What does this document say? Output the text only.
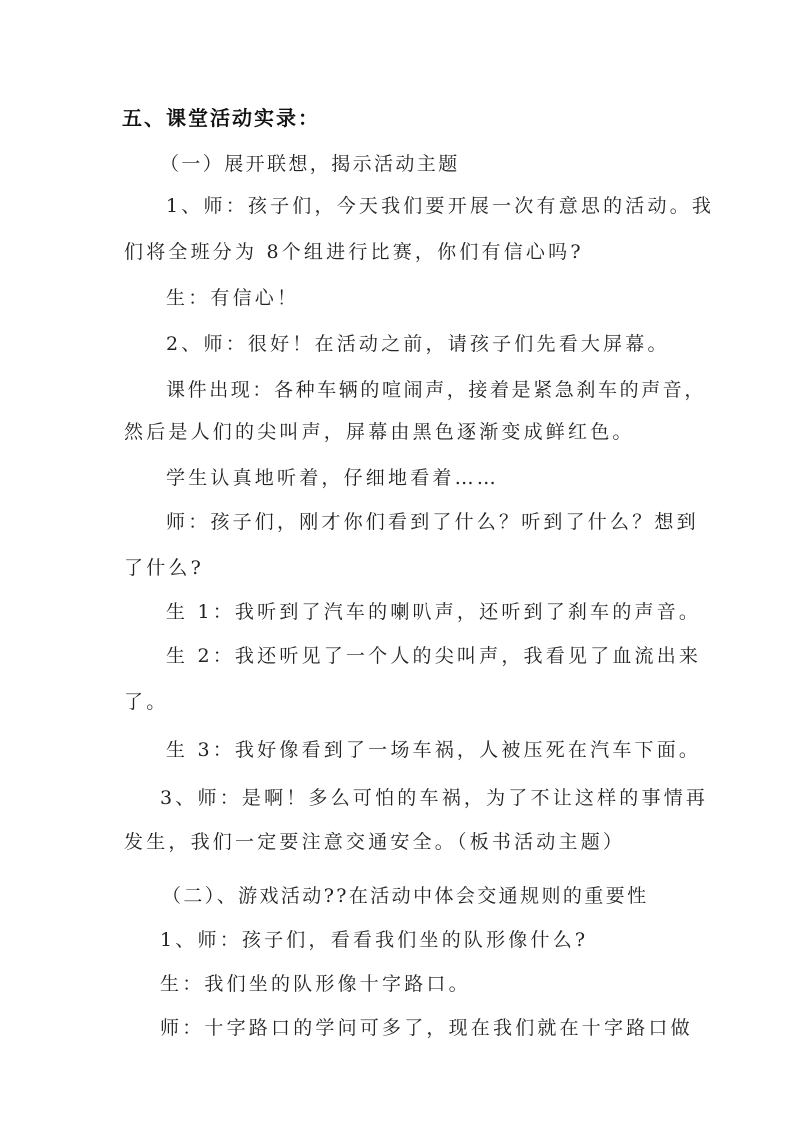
五、课堂活动实录：
（一）展开联想，揭示活动主题
1、师：孩子们，今天我们要开展一次有意思的活动。我
们将全班分为 8个组进行比赛，你们有信心吗?
生：有信心！
2、师：很好！在活动之前，请孩子们先看大屏幕。
课件出现：各种车辆的喧闹声，接着是紧急刹车的声音，
然后是人们的尖叫声，屏幕由黑色逐渐变成鲜红色。
学生认真地听着，仔细地看着……
师：孩子们，刚才你们看到了什么？听到了什么？想到
了什么?
生 1：我听到了汽车的喇叭声，还听到了刹车的声音。
生 2：我还听见了一个人的尖叫声，我看见了血流出来
了。
生 3：我好像看到了一场车祸，人被压死在汽车下面。
3、师：是啊！多么可怕的车祸，为了不让这样的事情再
发生，我们一定要注意交通安全。（板书活动主题）
（二）、游戏活动??在活动中体会交通规则的重要性
1、师：孩子们，看看我们坐的队形像什么?
生：我们坐的队形像十字路口。
师：十字路口的学问可多了，现在我们就在十字路口做
